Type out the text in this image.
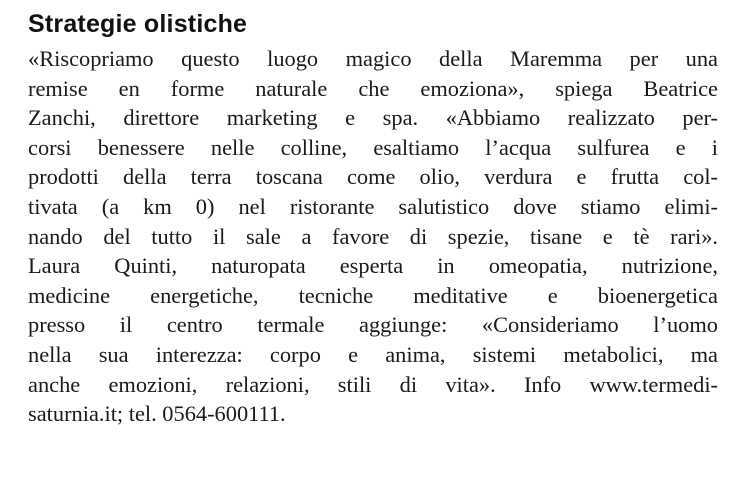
Strategie olistiche
«Riscopriamo questo luogo magico della Maremma per una
remise en forme naturale che emoziona», spiega Beatrice
Zanchi, direttore marketing e spa. «Abbiamo realizzato per-
corsi benessere nelle colline, esaltiamo l’acqua sulfurea e i
prodotti della terra toscana come olio, verdura e frutta col-
tivata (a km 0) nel ristorante salutistico dove stiamo elimi-
nando del tutto il sale a favore di spezie, tisane e tè rari».
Laura Quinti, naturopata esperta in omeopatia, nutrizione,
medicine energetiche, tecniche meditative e bioenergetica
presso il centro termale aggiunge: «Consideriamo l’uomo
nella sua interezza: corpo e anima, sistemi metabolici, ma
anche emozioni, relazioni, stili di vita». Info www.termedi-
saturnia.it; tel. 0564-600111.
